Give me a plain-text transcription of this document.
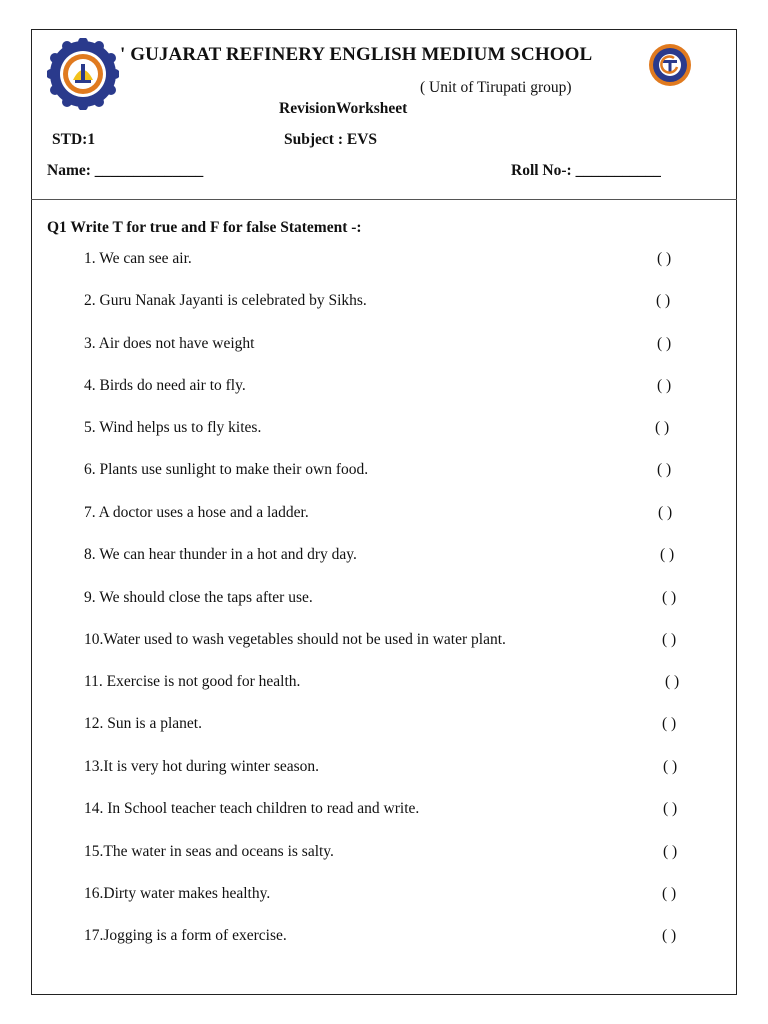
' GUJARAT REFINERY ENGLISH MEDIUM SCHOOL
( Unit of Tirupati group)
RevisionWorksheet
STD:1	Subject : EVS
Name: ______________	Roll No-: ___________
Q1 Write T for true and F for false Statement -:
1. We can see air.	( )
2. Guru Nanak Jayanti is celebrated by Sikhs.	( )
3. Air does not have weight	( )
4. Birds do need air to fly.	( )
5. Wind helps us to fly kites.	( )
6. Plants use sunlight to make their own food.	( )
7. A doctor uses a hose and a ladder.	( )
8. We can hear thunder in a hot and dry day.	( )
9. We should close the taps after use.	( )
10.Water used to wash vegetables should not be used in water plant.	( )
11. Exercise is not good for health.	( )
12. Sun is a planet.	( )
13.It is very hot during winter season.	( )
14. In School teacher teach children to read and write.	( )
15.The water in seas and oceans is salty.	( )
16.Dirty water makes healthy.	( )
17.Jogging is a form of exercise.	( )
